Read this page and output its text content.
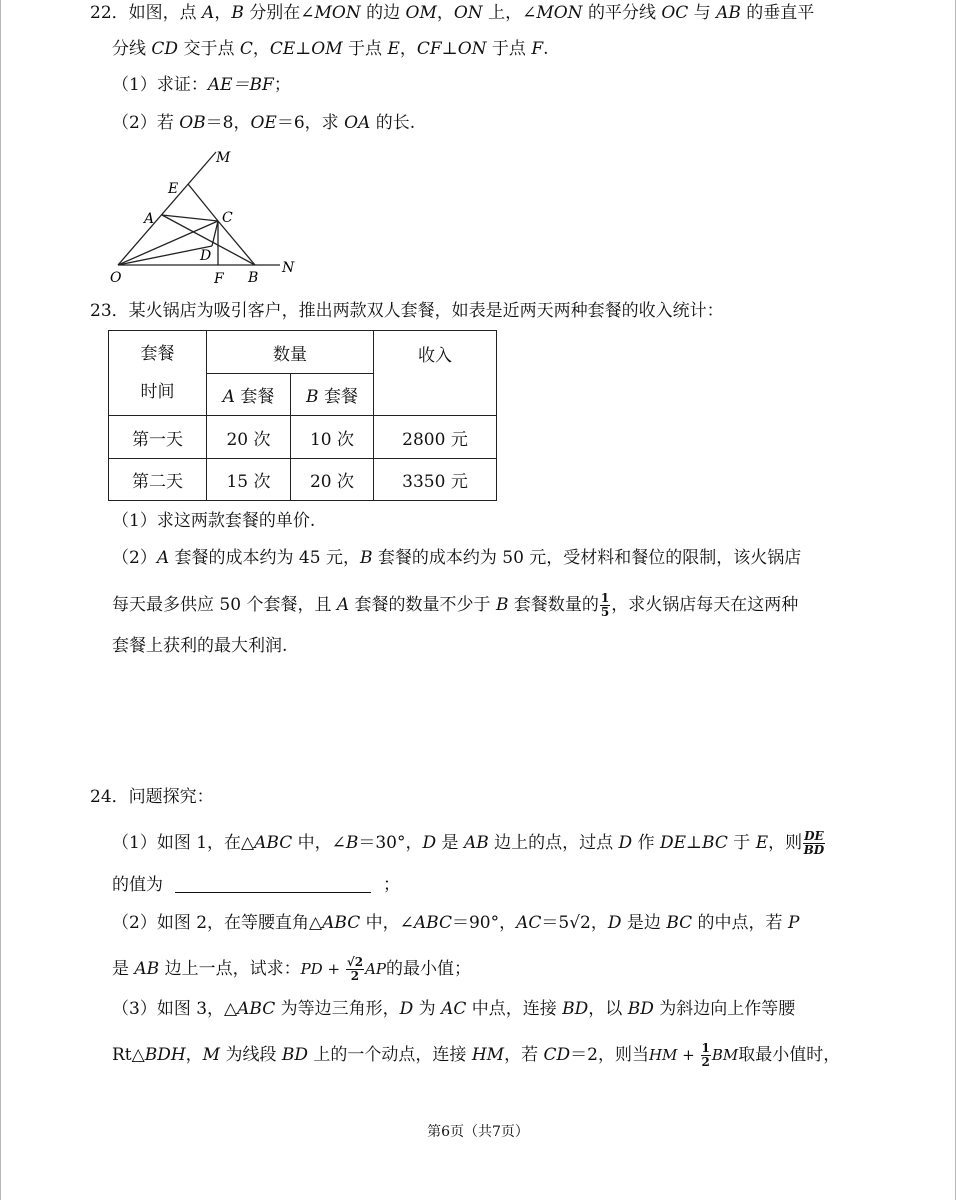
22．如图，点 A，B 分别在∠MON 的边 OM，ON 上，∠MON 的平分线 OC 与 AB 的垂直平
分线 CD 交于点 C，CE⊥OM 于点 E，CF⊥ON 于点 F.
（1）求证：AE＝BF；
（2）若 OB＝8，OE＝6，求 OA 的长.
M
E
A	C
D
O	F B
N
23．某火锅店为吸引客户，推出两款双人套餐，如表是近两天两种套餐的收入统计：
套餐
时间	数量		收入
	A 套餐	B 套餐	
第一天	20 次	10 次	2800 元
第二天	15 次	20 次	3350 元
（1）求这两款套餐的单价.
（2）A 套餐的成本约为 45 元，B 套餐的成本约为 50 元，受材料和餐位的限制，该火锅店
每天最多供应 50 个套餐，且 A 套餐的数量不少于 B 套餐数量的 $\frac{1}{5}$ ，求火锅店每天在这两种
套餐上获利的最大利润.
24．问题探究：
（1）如图 1，在△ABC 中，∠B＝30°，D 是 AB 边上的点，过点 D 作 DE⊥BC 于 E，则 $\frac{DE}{BD}$
的值为	；
（2）如图 2，在等腰直角△ABC 中，∠ABC＝90°，AC＝5√2，D 是边 BC 的中点，若 P
是 AB 边上一点，试求：PD + $\frac{√2}{2}$ AP的最小值；
（3）如图 3，△ABC 为等边三角形，D 为 AC 中点，连接 BD，以 BD 为斜边向上作等腰
Rt△BDH，M 为线段 BD 上的一个动点，连接 HM，若 CD＝2，则当HM + $\frac{1}{2}$ BM取最小值时，
第6页（共7页）
